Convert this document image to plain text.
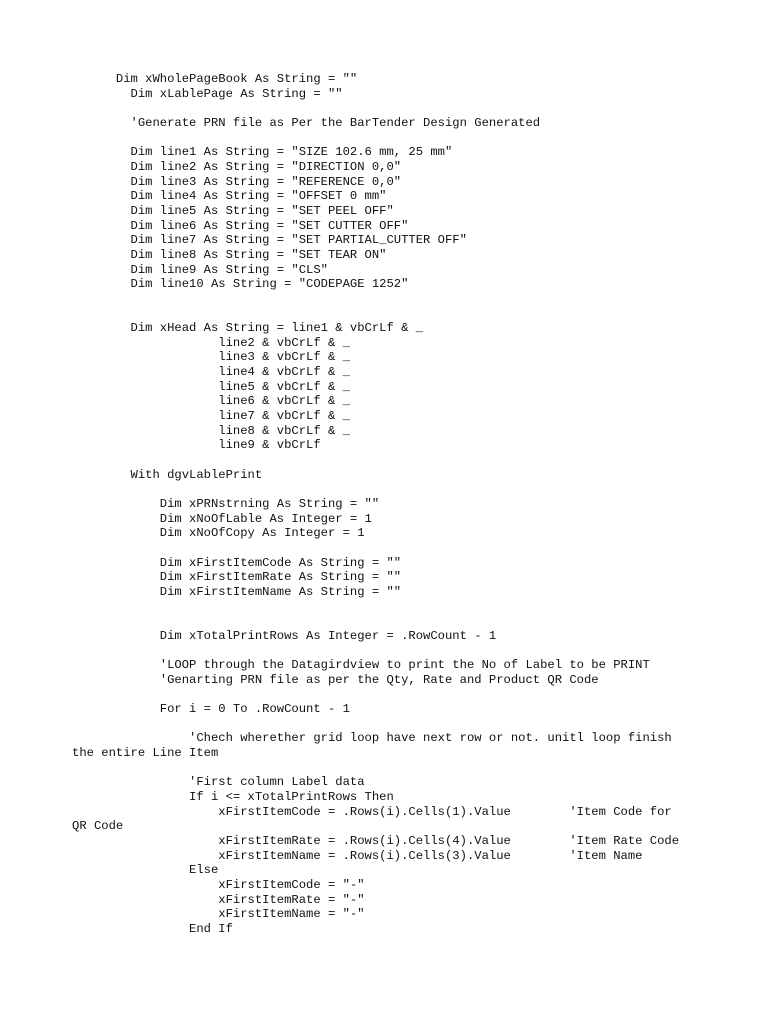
Dim xWholePageBook As String = ""
Dim xLablePage As String = ""
'Generate PRN file as Per the BarTender Design Generated
Dim line1 As String = "SIZE 102.6 mm, 25 mm"
Dim line2 As String = "DIRECTION 0,0"
Dim line3 As String = "REFERENCE 0,0"
Dim line4 As String = "OFFSET 0 mm"
Dim line5 As String = "SET PEEL OFF"
Dim line6 As String = "SET CUTTER OFF"
Dim line7 As String = "SET PARTIAL_CUTTER OFF"
Dim line8 As String = "SET TEAR ON"
Dim line9 As String = "CLS"
Dim line10 As String = "CODEPAGE 1252"
Dim xHead As String = line1 & vbCrLf & _
line2 & vbCrLf & _
line3 & vbCrLf & _
line4 & vbCrLf & _
line5 & vbCrLf & _
line6 & vbCrLf & _
line7 & vbCrLf & _
line8 & vbCrLf & _
line9 & vbCrLf
With dgvLablePrint
Dim xPRNstrning As String = ""
Dim xNoOfLable As Integer = 1
Dim xNoOfCopy As Integer = 1
Dim xFirstItemCode As String = ""
Dim xFirstItemRate As String = ""
Dim xFirstItemName As String = ""
Dim xTotalPrintRows As Integer = .RowCount - 1
'LOOP through the Datagirdview to print the No of Label to be PRINT
'Genarting PRN file as per the Qty, Rate and Product QR Code
For i = 0 To .RowCount - 1
'Chech wherether grid loop have next row or not. unitl loop finish
the entire Line Item
'First column Label data
If i <= xTotalPrintRows Then
xFirstItemCode = .Rows(i).Cells(1).Value        'Item Code for
QR Code
xFirstItemRate = .Rows(i).Cells(4).Value        'Item Rate Code
xFirstItemName = .Rows(i).Cells(3).Value        'Item Name
Else
xFirstItemCode = "-"
xFirstItemRate = "-"
xFirstItemName = "-"
End If
